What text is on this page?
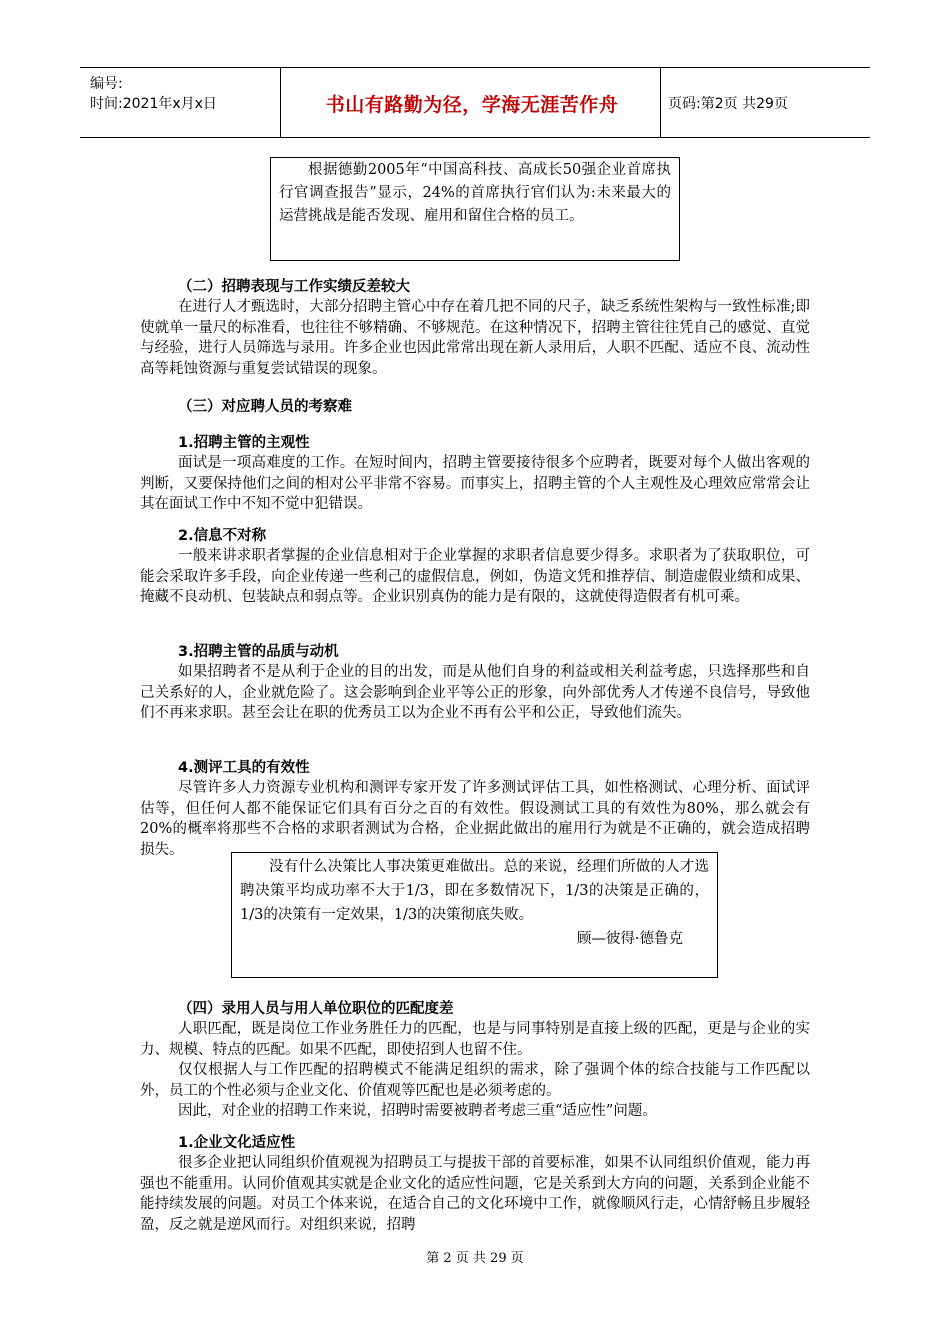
编号:
时间:2021年x月x日	书山有路勤为径，学海无涯苦作舟	页码:第2页 共29页

根据德勤2005年“中国高科技、高成长50强企业首席执行官调查报告”显示，24%的首席执行官们认为:未来最大的运营挑战是能否发现、雇用和留住合格的员工。

（二）招聘表现与工作实绩反差较大

在进行人才甄选时，大部分招聘主管心中存在着几把不同的尺子，缺乏系统性架构与一致性标准;即使就单一量尺的标准看，也往往不够精确、不够规范。在这种情况下，招聘主管往往凭自己的感觉、直觉与经验，进行人员筛选与录用。许多企业也因此常常出现在新人录用后，人职不匹配、适应不良、流动性高等耗蚀资源与重复尝试错误的现象。

（三）对应聘人员的考察难

1.招聘主管的主观性

面试是一项高难度的工作。在短时间内，招聘主管要接待很多个应聘者，既要对每个人做出客观的判断，又要保持他们之间的相对公平非常不容易。而事实上，招聘主管的个人主观性及心理效应常常会让其在面试工作中不知不觉中犯错误。

2.信息不对称

一般来讲求职者掌握的企业信息相对于企业掌握的求职者信息要少得多。求职者为了获取职位，可能会采取许多手段，向企业传递一些利己的虚假信息，例如，伪造文凭和推荐信、制造虚假业绩和成果、掩藏不良动机、包装缺点和弱点等。企业识别真伪的能力是有限的，这就使得造假者有机可乘。

3.招聘主管的品质与动机

如果招聘者不是从利于企业的目的出发，而是从他们自身的利益或相关利益考虑，只选择那些和自己关系好的人，企业就危险了。这会影响到企业平等公正的形象，向外部优秀人才传递不良信号，导致他们不再来求职。甚至会让在职的优秀员工以为企业不再有公平和公正，导致他们流失。

4.测评工具的有效性

尽管许多人力资源专业机构和测评专家开发了许多测试评估工具，如性格测试、心理分析、面试评估等，但任何人都不能保证它们具有百分之百的有效性。假设测试工具的有效性为80%，那么就会有20%的概率将那些不合格的求职者测试为合格，企业据此做出的雇用行为就是不正确的，就会造成招聘损失。

没有什么决策比人事决策更难做出。总的来说，经理们所做的人才选聘决策平均成功率不大于1/3，即在多数情况下，1/3的决策是正确的，1/3的决策有一定效果，1/3的决策彻底失败。

顾—彼得·德鲁克

（四）录用人员与用人单位职位的匹配度差

人职匹配，既是岗位工作业务胜任力的匹配，也是与同事特别是直接上级的匹配，更是与企业的实力、规模、特点的匹配。如果不匹配，即使招到人也留不住。

仅仅根据人与工作匹配的招聘模式不能满足组织的需求，除了强调个体的综合技能与工作匹配以外，员工的个性必须与企业文化、价值观等匹配也是必须考虑的。

因此，对企业的招聘工作来说，招聘时需要被聘者考虑三重“适应性”问题。

1.企业文化适应性

很多企业把认同组织价值观视为招聘员工与提拔干部的首要标准，如果不认同组织价值观，能力再强也不能重用。认同价值观其实就是企业文化的适应性问题，它是关系到大方向的问题，关系到企业能不能持续发展的问题。对员工个体来说，在适合自己的文化环境中工作，就像顺风行走，心情舒畅且步履轻盈，反之就是逆风而行。对组织来说，招聘

第 2 页 共 29 页
